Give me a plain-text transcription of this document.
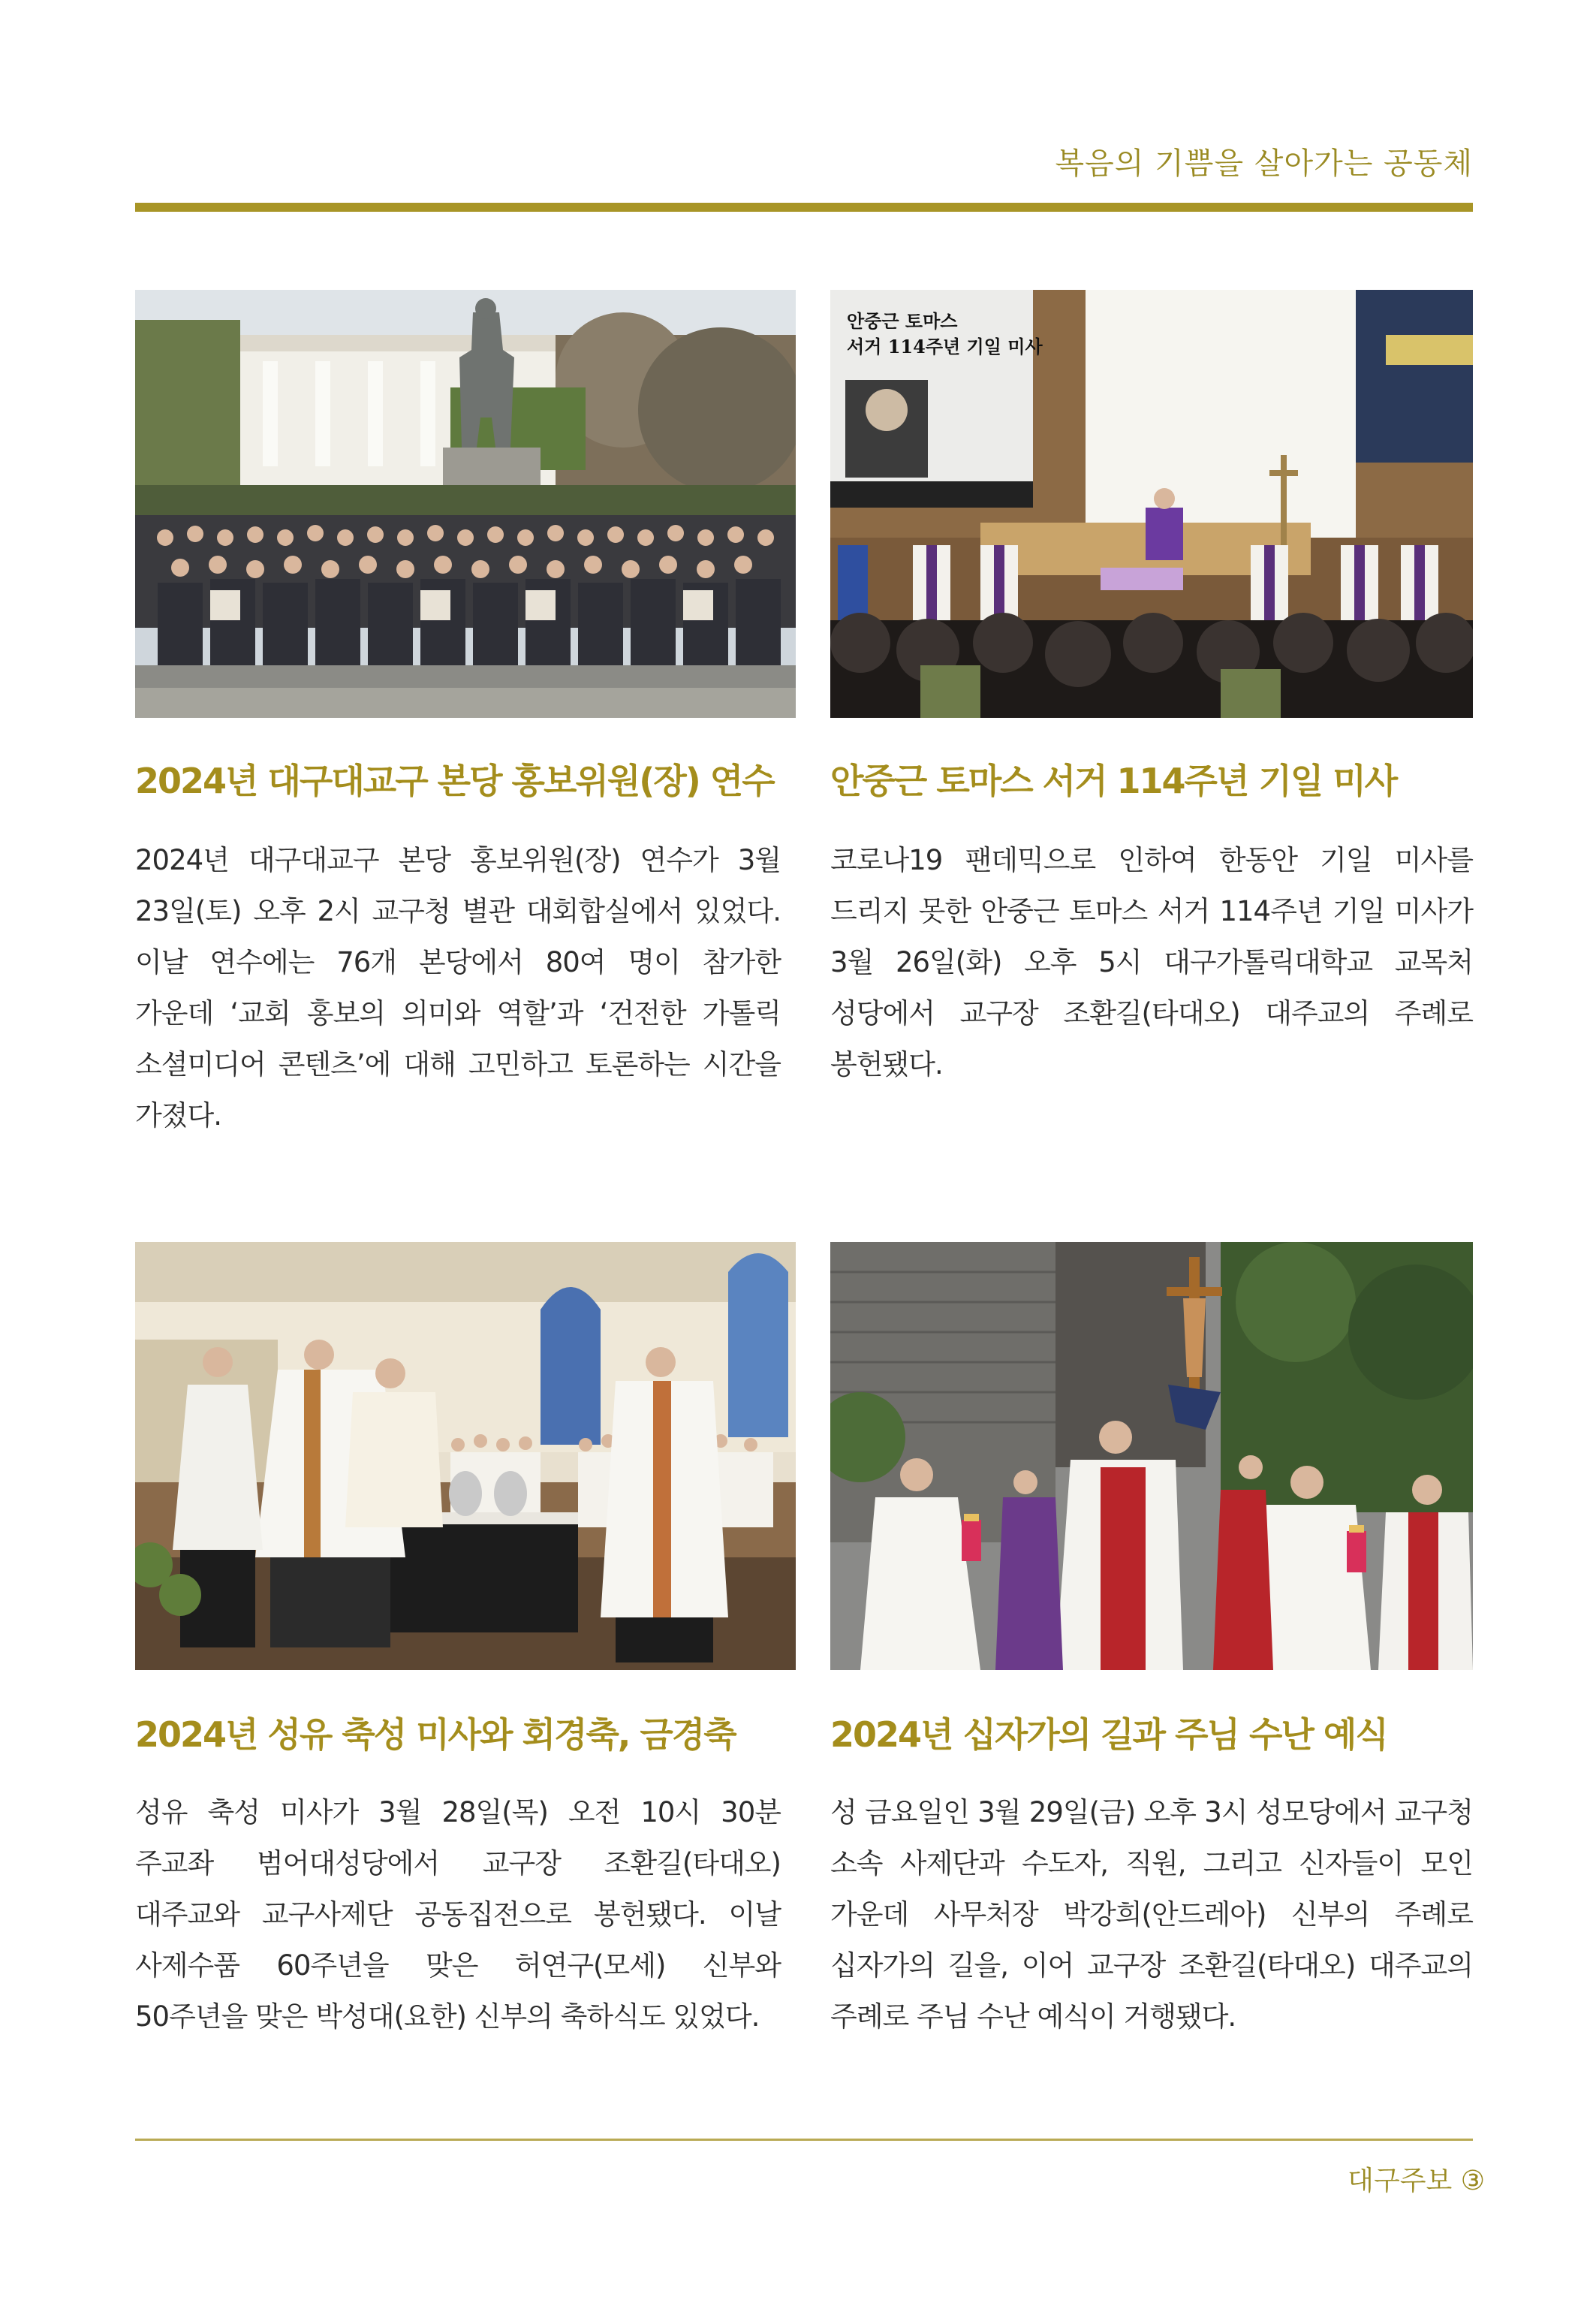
복음의 기쁨을 살아가는 공동체
안중근 토마스
서거 114주년 기일 미사
2024년 대구대교구 본당 홍보위원(장) 연수
2024년 대구대교구 본당 홍보위원(장) 연수가 3월 23일(토) 오후 2시 교구청 별관 대회합실에서 있었다. 이날 연수에는 76개 본당에서 80여 명이 참가한 가운데 ‘교회 홍보의 의미와 역할’과 ‘건전한 가톨릭 소셜미디어 콘텐츠’에 대해 고민하고 토론하는 시간을 가졌다.
안중근 토마스 서거 114주년 기일 미사
코로나19 팬데믹으로 인하여 한동안 기일 미사를 드리지 못한 안중근 토마스 서거 114주년 기일 미사가 3월 26일(화) 오후 5시 대구가톨릭대학교 교목처 성당에서 교구장 조환길(타대오) 대주교의 주례로 봉헌됐다.
2024년 성유 축성 미사와 회경축, 금경축
성유 축성 미사가 3월 28일(목) 오전 10시 30분 주교좌 범어대성당에서 교구장 조환길(타대오) 대주교와 교구사제단 공동집전으로 봉헌됐다. 이날 사제수품 60주년을 맞은 허연구(모세) 신부와 50주년을 맞은 박성대(요한) 신부의 축하식도 있었다.
2024년 십자가의 길과 주님 수난 예식
성 금요일인 3월 29일(금) 오후 3시 성모당에서 교구청 소속 사제단과 수도자, 직원, 그리고 신자들이 모인 가운데 사무처장 박강희(안드레아) 신부의 주례로 십자가의 길을, 이어 교구장 조환길(타대오) 대주교의 주례로 주님 수난 예식이 거행됐다.
대구주보 ③
